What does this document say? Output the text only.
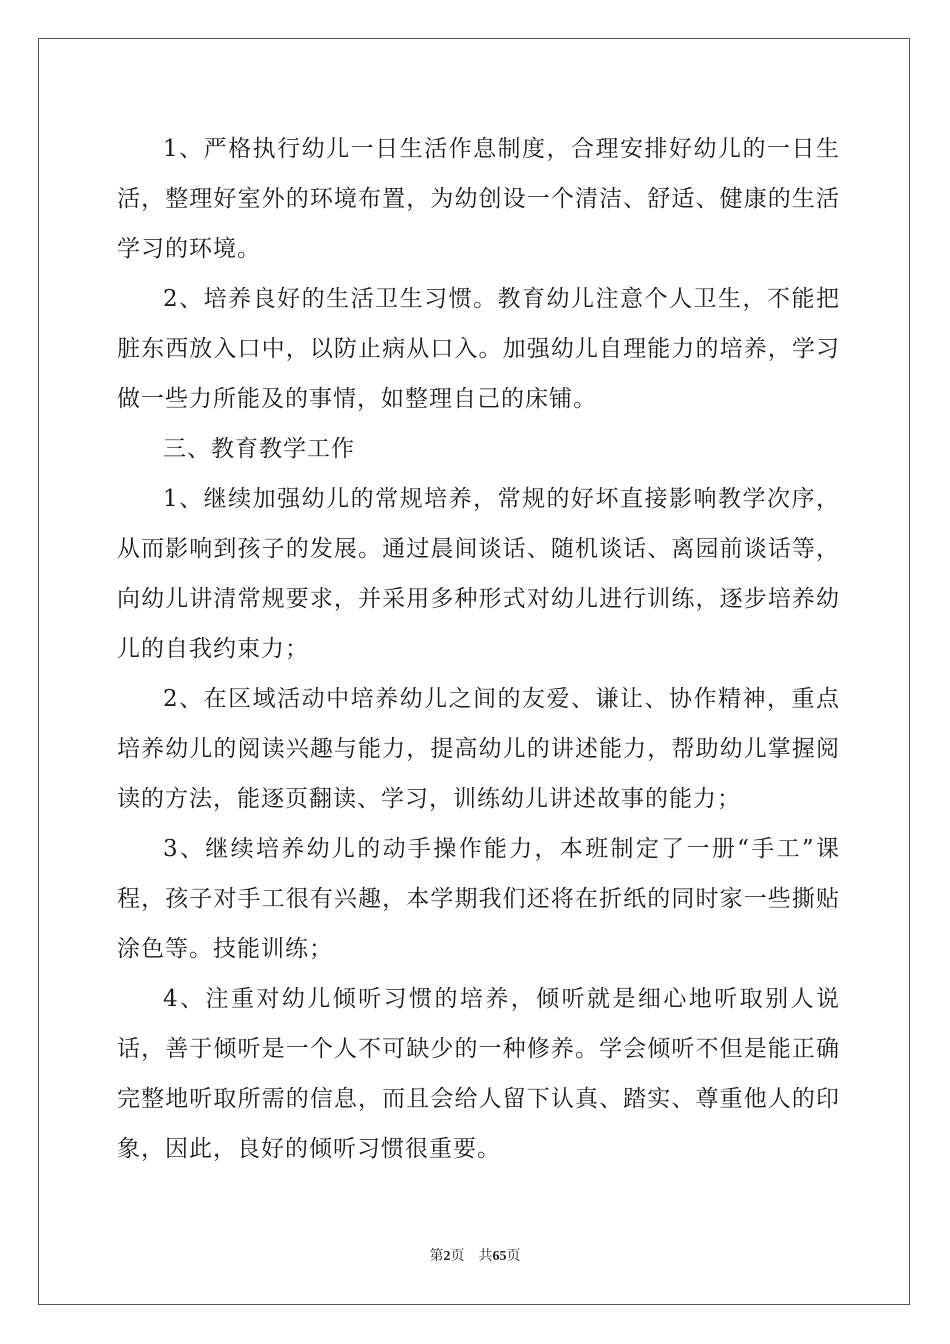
1、严格执行幼儿一日生活作息制度，合理安排好幼儿的一日生活，整理好室外的环境布置，为幼创设一个清洁、舒适、健康的生活学习的环境。

2、培养良好的生活卫生习惯。教育幼儿注意个人卫生，不能把脏东西放入口中，以防止病从口入。加强幼儿自理能力的培养，学习做一些力所能及的事情，如整理自己的床铺。

三、教育教学工作

1、继续加强幼儿的常规培养，常规的好坏直接影响教学次序，从而影响到孩子的发展。通过晨间谈话、随机谈话、离园前谈话等，向幼儿讲清常规要求，并采用多种形式对幼儿进行训练，逐步培养幼儿的自我约束力；

2、在区域活动中培养幼儿之间的友爱、谦让、协作精神，重点培养幼儿的阅读兴趣与能力，提高幼儿的讲述能力，帮助幼儿掌握阅读的方法，能逐页翻读、学习，训练幼儿讲述故事的能力；

3、继续培养幼儿的动手操作能力，本班制定了一册“手工”课程，孩子对手工很有兴趣，本学期我们还将在折纸的同时家一些撕贴涂色等。技能训练；

4、注重对幼儿倾听习惯的培养，倾听就是细心地听取别人说话，善于倾听是一个人不可缺少的一种修养。学会倾听不但是能正确完整地听取所需的信息，而且会给人留下认真、踏实、尊重他人的印象，因此，良好的倾听习惯很重要。

第2页 共65页
